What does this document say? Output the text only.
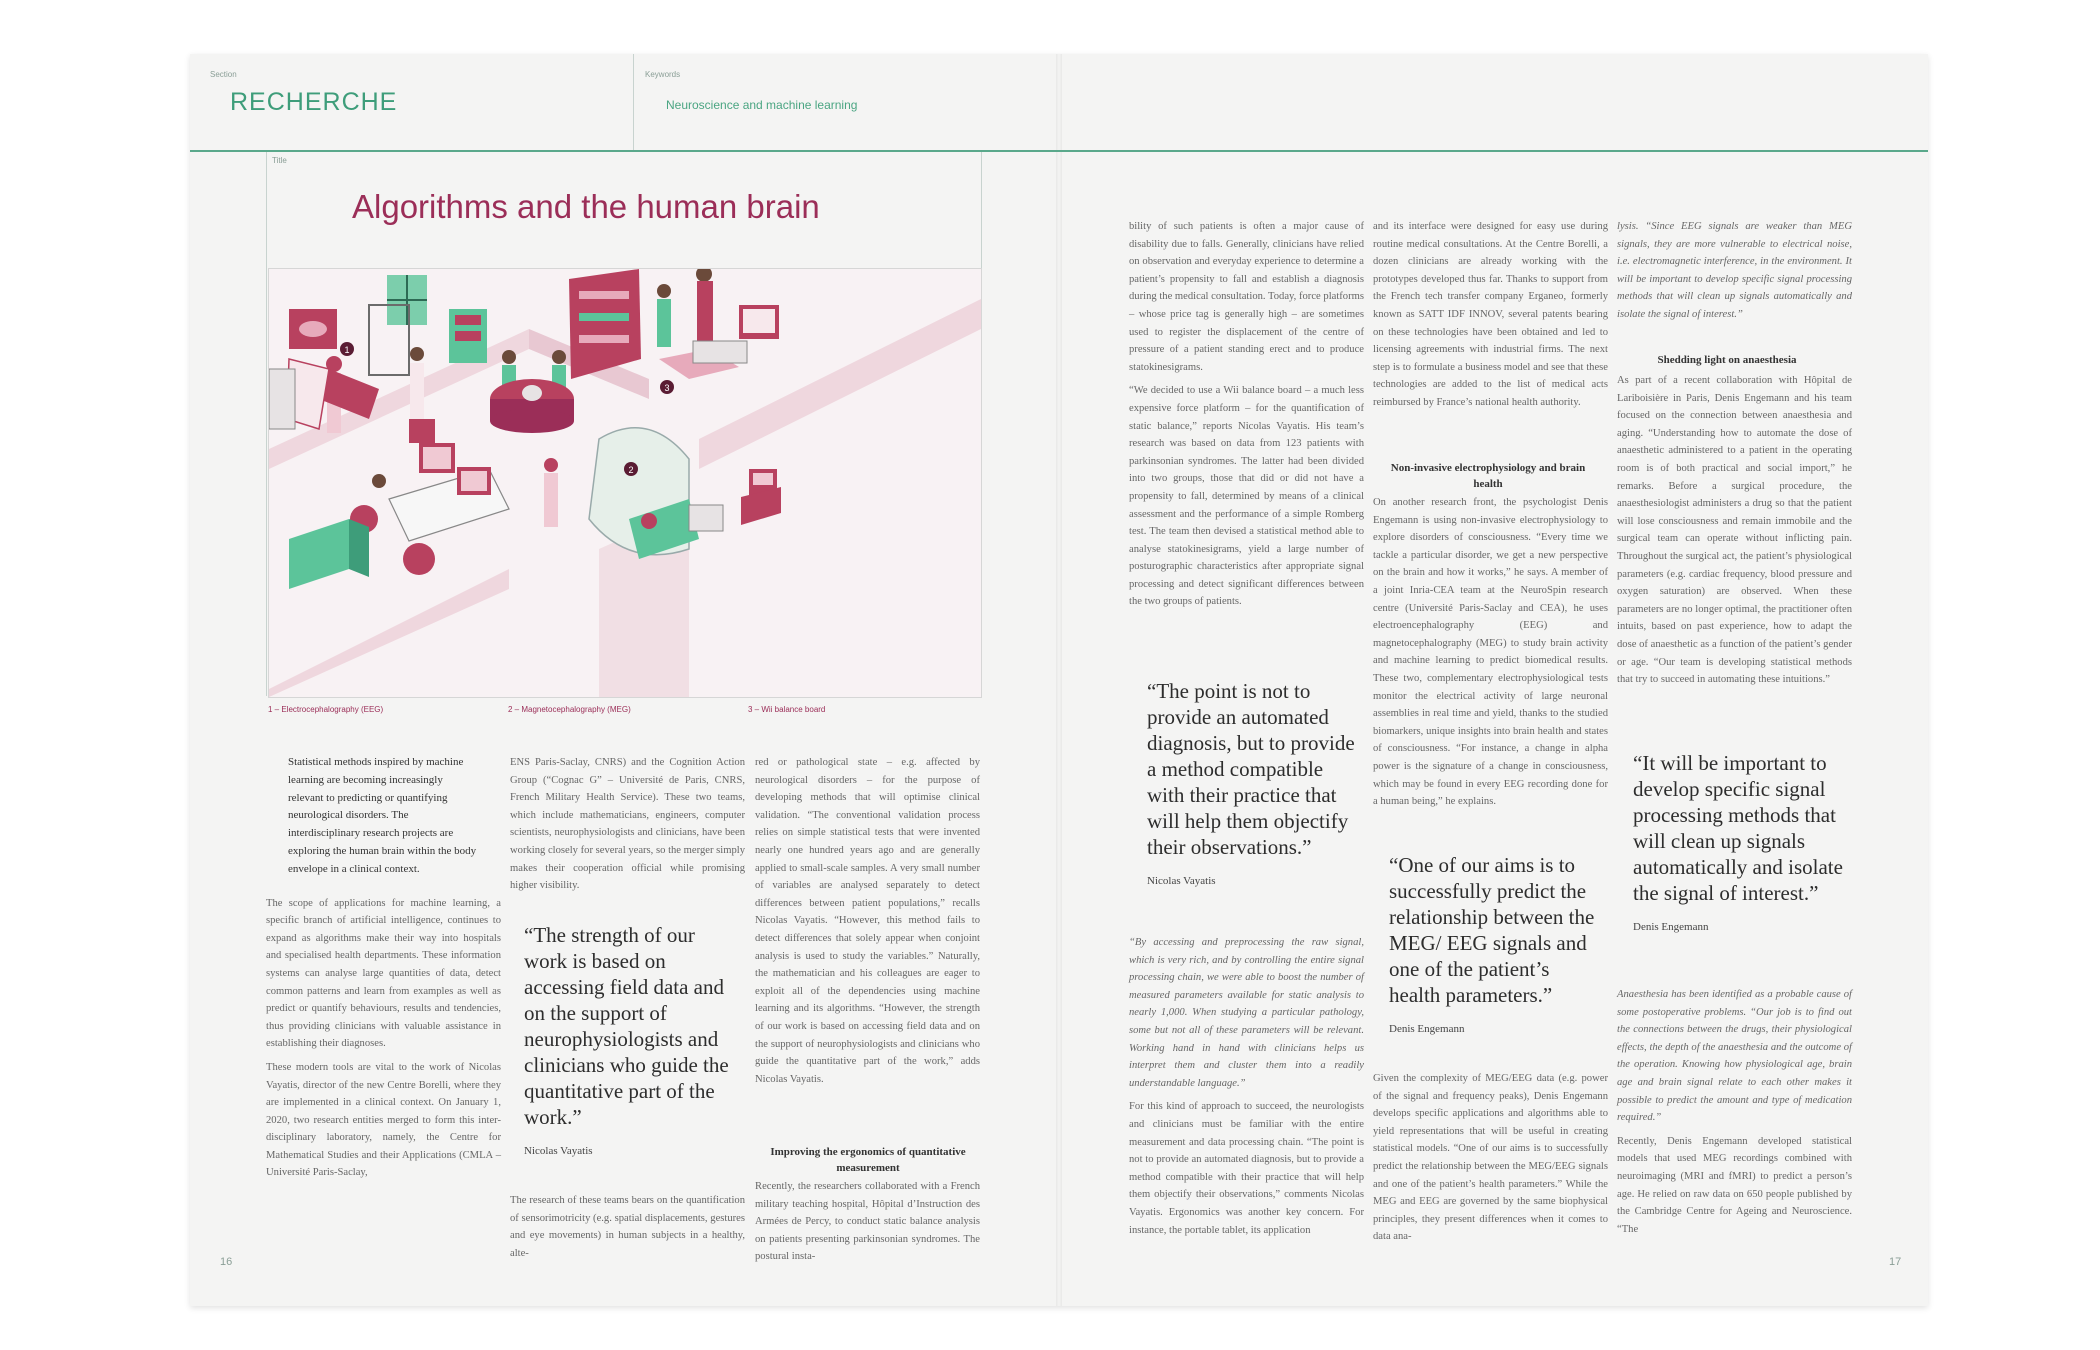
Section
RECHERCHE
Keywords
Neuroscience and machine learning
Title
Algorithms and the human brain
1
2
3
1 – Electrocephalography (EEG)	2 – Magnetocephalography (MEG)	3 – Wii balance board

Statistical methods inspired by machine learning are becoming increasingly relevant to predicting or quantifying neurological disorders. The interdisciplinary research projects are exploring the human brain within the body envelope in a clinical context.

The scope of applications for machine learning, a specific branch of artificial intelligence, continues to expand as algorithms make their way into hospitals and specialised health departments. These information systems can analyse large quantities of data, detect common patterns and learn from examples as well as predict or quantify behaviours, results and tendencies, thus providing clinicians with valuable assistance in establishing their diagnoses.

These modern tools are vital to the work of Nicolas Vayatis, director of the new Centre Borelli, where they are implemented in a clinical context. On January 1, 2020, two research entities merged to form this inter-disciplinary laboratory, namely, the Centre for Mathematical Studies and their Applications (CMLA – Université Paris-Saclay,

ENS Paris-Saclay, CNRS) and the Cognition Action Group (“Cognac G” – Université de Paris, CNRS, French Military Health Service). These two teams, which include mathematicians, engineers, computer scientists, neurophysiologists and clinicians, have been working closely for several years, so the merger simply makes their cooperation official while promising higher visibility.

“The strength of our work is based on accessing field data and on the support of neurophysiologists and clinicians who guide the quantitative part of the work.”
Nicolas Vayatis

The research of these teams bears on the quantification of sensorimotricity (e.g. spatial displacements, gestures and eye movements) in human subjects in a healthy, alte-

red or pathological state – e.g. affected by neurological disorders – for the purpose of developing methods that will optimise clinical validation. “The conventional validation process relies on simple statistical tests that were invented nearly one hundred years ago and are generally applied to small-scale samples. A very small number of variables are analysed separately to detect differences between patient populations,” recalls Nicolas Vayatis. “However, this method fails to detect differences that solely appear when conjoint analysis is used to study the variables.” Naturally, the mathematician and his colleagues are eager to exploit all of the dependencies using machine learning and its algorithms. “However, the strength of our work is based on accessing field data and on the support of neurophysiologists and clinicians who guide the quantitative part of the work,” adds Nicolas Vayatis.

Improving the ergonomics of quantitative measurement

Recently, the researchers collaborated with a French military teaching hospital, Hôpital d’Instruction des Armées de Percy, to conduct static balance analysis on patients presenting parkinsonian syndromes. The postural insta-

16

bility of such patients is often a major cause of disability due to falls. Generally, clinicians have relied on observation and everyday experience to determine a patient’s propensity to fall and establish a diagnosis during the medical consultation. Today, force platforms – whose price tag is generally high – are sometimes used to register the displacement of the centre of pressure of a patient standing erect and to produce statokinesigrams.

“We decided to use a Wii balance board – a much less expensive force platform – for the quantification of static balance,” reports Nicolas Vayatis. His team’s research was based on data from 123 patients with parkinsonian syndromes. The latter had been divided into two groups, those that did or did not have a propensity to fall, determined by means of a clinical assessment and the performance of a simple Romberg test. The team then devised a statistical method able to analyse statokinesigrams, yield a large number of posturographic characteristics after appropriate signal processing and detect significant differences between the two groups of patients.

“The point is not to provide an automated diagnosis, but to provide a method compatible with their practice that will help them objectify their observations.”
Nicolas Vayatis

“By accessing and preprocessing the raw signal, which is very rich, and by controlling the entire signal processing chain, we were able to boost the number of measured parameters available for static analysis to nearly 1,000. When studying a particular pathology, some but not all of these parameters will be relevant. Working hand in hand with clinicians helps us interpret them and cluster them into a readily understandable language.”

For this kind of approach to succeed, the neurologists and clinicians must be familiar with the entire measurement and data processing chain. “The point is not to provide an automated diagnosis, but to provide a method compatible with their practice that will help them objectify their observations,” comments Nicolas Vayatis. Ergonomics was another key concern. For instance, the portable tablet, its application

and its interface were designed for easy use during routine medical consultations. At the Centre Borelli, a dozen clinicians are already working with the prototypes developed thus far. Thanks to support from the French tech transfer company Erganeo, formerly known as SATT IDF INNOV, several patents bearing on these technologies have been obtained and led to licensing agreements with industrial firms. The next step is to formulate a business model and see that these technologies are added to the list of medical acts reimbursed by France’s national health authority.

Non-invasive electrophysiology and brain health

On another research front, the psychologist Denis Engemann is using non-invasive electrophysiology to explore disorders of consciousness. “Every time we tackle a particular disorder, we get a new perspective on the brain and how it works,” he says. A member of a joint Inria-CEA team at the NeuroSpin research centre (Université Paris-Saclay and CEA), he uses electroencephalography (EEG) and magnetocephalography (MEG) to study brain activity and machine learning to predict biomedical results. These two, complementary electrophysiological tests monitor the electrical activity of large neuronal assemblies in real time and yield, thanks to the studied biomarkers, unique insights into brain health and states of consciousness. “For instance, a change in alpha power is the signature of a change in consciousness, which may be found in every EEG recording done for a human being,” he explains.

“One of our aims is to successfully predict the relationship between the MEG/ EEG signals and one of the patient’s health parameters.”
Denis Engemann

Given the complexity of MEG/EEG data (e.g. power of the signal and frequency peaks), Denis Engemann develops specific applications and algorithms able to yield representations that will be useful in creating statistical models. “One of our aims is to successfully predict the relationship between the MEG/EEG signals and one of the patient’s health parameters.” While the MEG and EEG are governed by the same biophysical principles, they present differences when it comes to data ana-

lysis. “Since EEG signals are weaker than MEG signals, they are more vulnerable to electrical noise, i.e. electromagnetic interference, in the environment. It will be important to develop specific signal processing methods that will clean up signals automatically and isolate the signal of interest.”

Shedding light on anaesthesia

As part of a recent collaboration with Hôpital de Lariboisière in Paris, Denis Engemann and his team focused on the connection between anaesthesia and aging. “Understanding how to automate the dose of anaesthetic administered to a patient in the operating room is of both practical and social import,” he remarks. Before a surgical procedure, the anaesthesiologist administers a drug so that the patient will lose consciousness and remain immobile and the surgical team can operate without inflicting pain. Throughout the surgical act, the patient’s physiological parameters (e.g. cardiac frequency, blood pressure and oxygen saturation) are observed. When these parameters are no longer optimal, the practitioner often intuits, based on past experience, how to adapt the dose of anaesthetic as a function of the patient’s gender or age. “Our team is developing statistical methods that try to succeed in automating these intuitions.”

“It will be important to develop specific signal processing methods that will clean up signals automatically and isolate the signal of interest.”
Denis Engemann

Anaesthesia has been identified as a probable cause of some postoperative problems. “Our job is to find out the connections between the drugs, their physiological effects, the depth of the anaesthesia and the outcome of the operation. Knowing how physiological age, brain age and brain signal relate to each other makes it possible to predict the amount and type of medication required.”

Recently, Denis Engemann developed statistical models that used MEG recordings combined with neuroimaging (MRI and fMRI) to predict a person’s age. He relied on raw data on 650 people published by the Cambridge Centre for Ageing and Neuroscience. “The

17
